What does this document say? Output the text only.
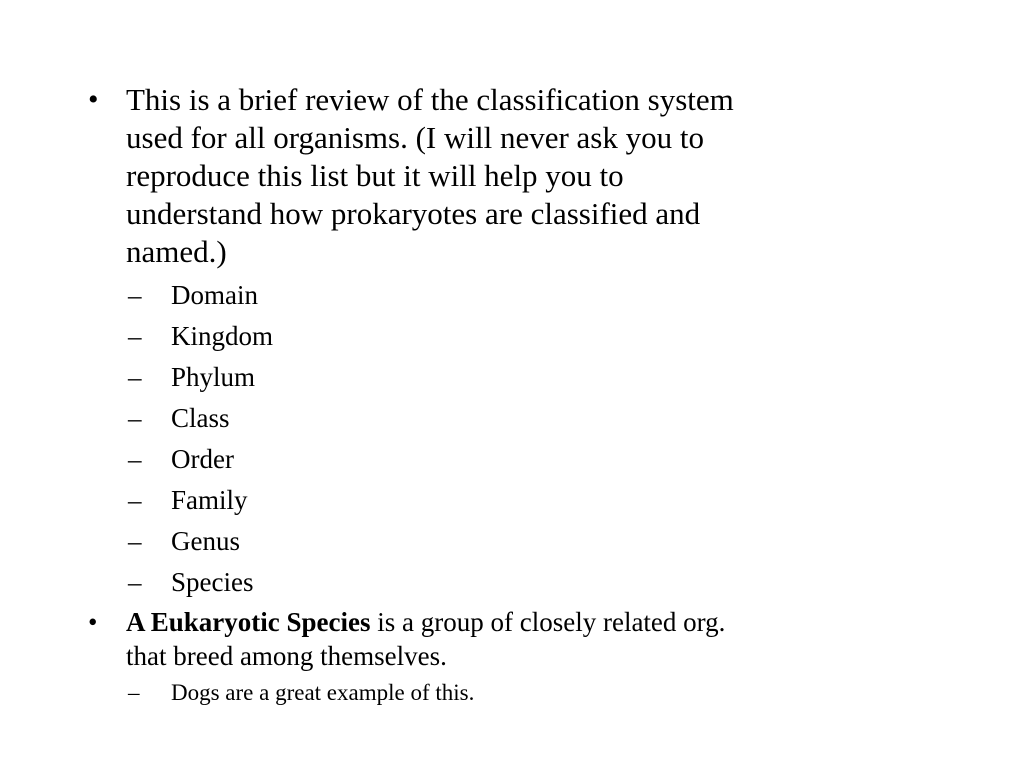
• This is a brief review of the classification system
used for all organisms. (I will never ask you to
reproduce this list but it will help you to
understand how prokaryotes are classified and
named.)
– Domain
– Kingdom
– Phylum
– Class
– Order
– Family
– Genus
– Species
• A Eukaryotic Species is a group of closely related org.
that breed among themselves.
– Dogs are a great example of this.
